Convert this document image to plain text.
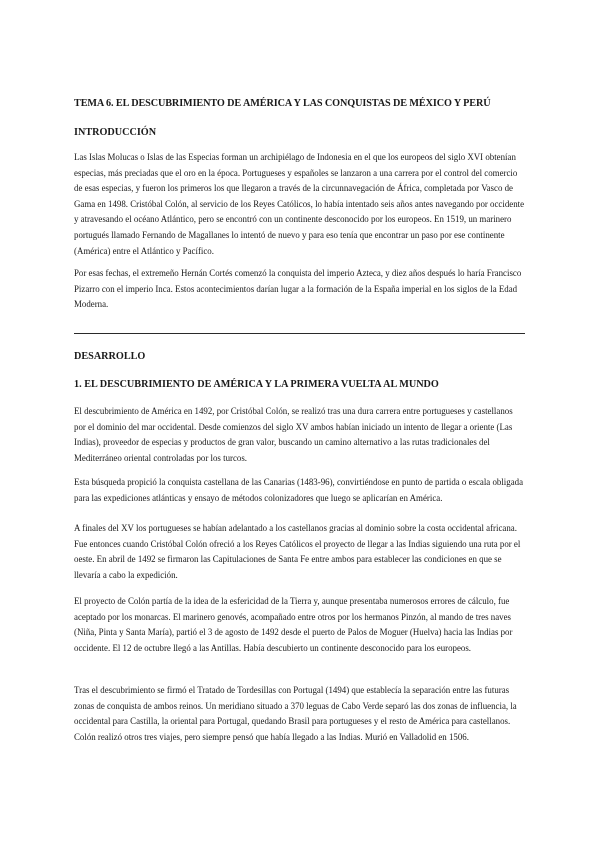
TEMA 6. EL DESCUBRIMIENTO DE AMÉRICA Y LAS CONQUISTAS DE MÉXICO Y PERÚ
INTRODUCCIÓN
Las Islas Molucas o Islas de las Especias forman un archipiélago de Indonesia en el que los europeos del siglo XVI obtenían especias, más preciadas que el oro en la época. Portugueses y españoles se lanzaron a una carrera por el control del comercio de esas especias, y fueron los primeros los que llegaron a través de la circunnavegación de África, completada por Vasco de Gama en 1498. Cristóbal Colón, al servicio de los Reyes Católicos, lo había intentado seis años antes navegando por occidente y atravesando el océano Atlántico, pero se encontró con un continente desconocido por los europeos. En 1519, un marinero portugués llamado Fernando de Magallanes lo intentó de nuevo y para eso tenía que encontrar un paso por ese continente (América) entre el Atlántico y Pacífico.
Por esas fechas, el extremeño Hernán Cortés comenzó la conquista del imperio Azteca, y diez años después lo haría Francisco Pizarro con el imperio Inca. Estos acontecimientos darían lugar a la formación de la España imperial en los siglos de la Edad Moderna.
DESARROLLO
1. EL DESCUBRIMIENTO DE AMÉRICA Y LA PRIMERA VUELTA AL MUNDO
El descubrimiento de América en 1492, por Cristóbal Colón, se realizó tras una dura carrera entre portugueses y castellanos por el dominio del mar occidental. Desde comienzos del siglo XV ambos habían iniciado un intento de llegar a oriente (Las Indias), proveedor de especias y productos de gran valor, buscando un camino alternativo a las rutas tradicionales del Mediterráneo oriental controladas por los turcos.
Esta búsqueda propició la conquista castellana de las Canarias (1483-96), convirtiéndose en punto de partida o escala obligada para las expediciones atlánticas y ensayo de métodos colonizadores que luego se aplicarían en América.
A finales del XV los portugueses se habían adelantado a los castellanos gracias al dominio sobre la costa occidental africana. Fue entonces cuando Cristóbal Colón ofreció a los Reyes Católicos el proyecto de llegar a las Indias siguiendo una ruta por el oeste. En abril de 1492 se firmaron las Capitulaciones de Santa Fe entre ambos para establecer las condiciones en que se llevaría a cabo la expedición.
El proyecto de Colón partía de la idea de la esfericidad de la Tierra y, aunque presentaba numerosos errores de cálculo, fue aceptado por los monarcas. El marinero genovés, acompañado entre otros por los hermanos Pinzón, al mando de tres naves (Niña, Pinta y Santa María), partió el 3 de agosto de 1492 desde el puerto de Palos de Moguer (Huelva) hacia las Indias por occidente. El 12 de octubre llegó a las Antillas. Había descubierto un continente desconocido para los europeos.
Tras el descubrimiento se firmó el Tratado de Tordesillas con Portugal (1494) que establecía la separación entre las futuras zonas de conquista de ambos reinos. Un meridiano situado a 370 leguas de Cabo Verde separó las dos zonas de influencia, la occidental para Castilla, la oriental para Portugal, quedando Brasil para portugueses y el resto de América para castellanos. Colón realizó otros tres viajes, pero siempre pensó que había llegado a las Indias. Murió en Valladolid en 1506.
